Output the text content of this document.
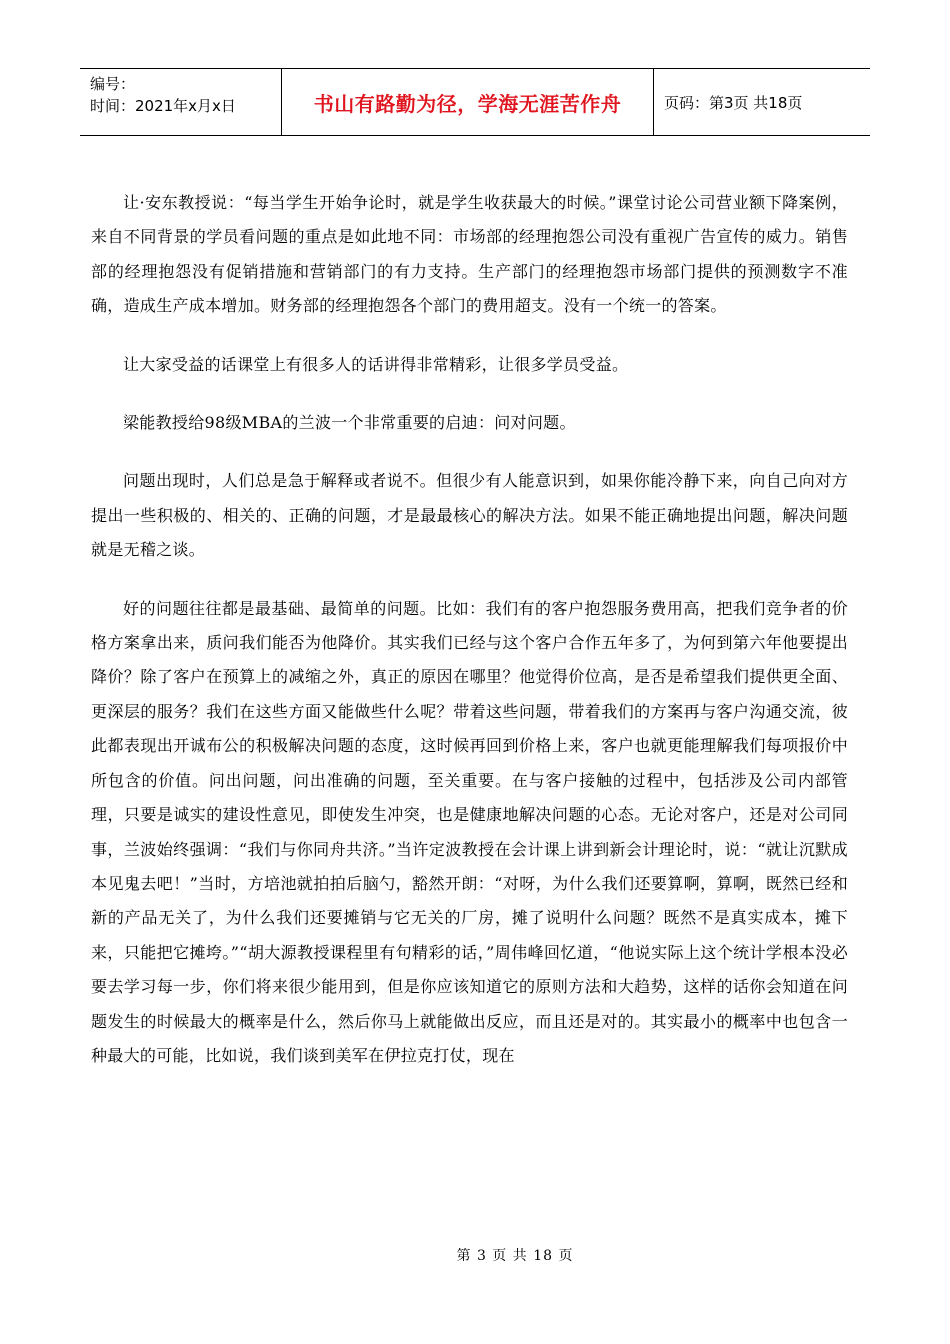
编号：
时间：2021年x月x日	书山有路勤为径，学海无涯苦作舟	页码：第3页 共18页

让·安东教授说：“每当学生开始争论时，就是学生收获最大的时候。”课堂讨论公司营业额下降案例，来自不同背景的学员看问题的重点是如此地不同：市场部的经理抱怨公司没有重视广告宣传的威力。销售部的经理抱怨没有促销措施和营销部门的有力支持。生产部门的经理抱怨市场部门提供的预测数字不准确，造成生产成本增加。财务部的经理抱怨各个部门的费用超支。没有一个统一的答案。

让大家受益的话课堂上有很多人的话讲得非常精彩，让很多学员受益。

梁能教授给98级MBA的兰波一个非常重要的启迪：问对问题。

问题出现时，人们总是急于解释或者说不。但很少有人能意识到，如果你能冷静下来，向自己向对方提出一些积极的、相关的、正确的问题，才是最最核心的解决方法。如果不能正确地提出问题，解决问题就是无稽之谈。

好的问题往往都是最基础、最简单的问题。比如：我们有的客户抱怨服务费用高，把我们竞争者的价格方案拿出来，质问我们能否为他降价。其实我们已经与这个客户合作五年多了，为何到第六年他要提出降价？除了客户在预算上的减缩之外，真正的原因在哪里？他觉得价位高，是否是希望我们提供更全面、更深层的服务？我们在这些方面又能做些什么呢？带着这些问题，带着我们的方案再与客户沟通交流，彼此都表现出开诚布公的积极解决问题的态度，这时候再回到价格上来，客户也就更能理解我们每项报价中所包含的价值。问出问题，问出准确的问题，至关重要。在与客户接触的过程中，包括涉及公司内部管理，只要是诚实的建设性意见，即使发生冲突，也是健康地解决问题的心态。无论对客户，还是对公司同事，兰波始终强调：“我们与你同舟共济。”当许定波教授在会计课上讲到新会计理论时，说：“就让沉默成本见鬼去吧！”当时，方培池就拍拍后脑勺，豁然开朗：“对呀，为什么我们还要算啊，算啊，既然已经和新的产品无关了，为什么我们还要摊销与它无关的厂房，摊了说明什么问题？既然不是真实成本，摊下来，只能把它摊垮。”“胡大源教授课程里有句精彩的话，”周伟峰回忆道，“他说实际上这个统计学根本没必要去学习每一步，你们将来很少能用到，但是你应该知道它的原则方法和大趋势，这样的话你会知道在问题发生的时候最大的概率是什么，然后你马上就能做出反应，而且还是对的。其实最小的概率中也包含一种最大的可能，比如说，我们谈到美军在伊拉克打仗，现在

第 3 页 共 18 页
